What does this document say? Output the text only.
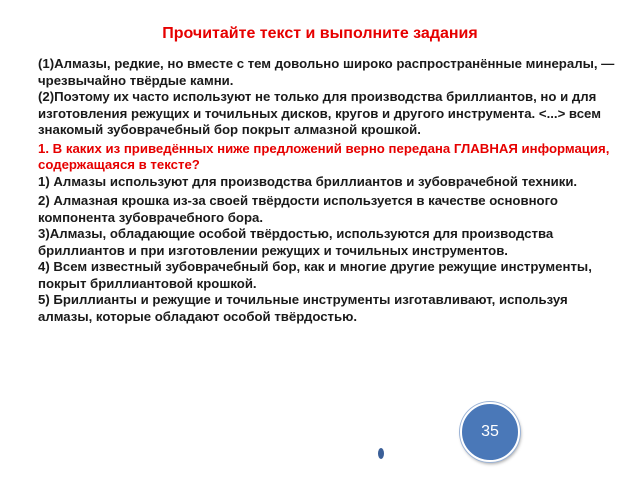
Прочитайте текст и выполните задания

(1)Алмазы, редкие, но вместе с тем довольно широко распространённые минералы, — чрезвычайно твёрдые камни.

(2)Поэтому их часто используют не только для производства бриллиантов, но и для изготовления режущих и точильных дисков, кругов и другого инструмента. <...> всем знакомый зубоврачебный бор покрыт алмазной крошкой.

1. В каких из приведённых ниже предложений верно передана ГЛАВНАЯ информация, содержащаяся в тексте?

1) Алмазы используют для производства бриллиантов и зубоврачебной техники.

2) Алмазная крошка из-за своей твёрдости используется в качестве основного компонента зубоврачебного бора.

3)Алмазы, обладающие особой твёрдостью, используются для производства бриллиантов и при изготовлении режущих и точильных инструментов.

4) Всем известный зубоврачебный бор, как и многие другие режущие инструменты, покрыт бриллиантовой крошкой.

5) Бриллианты и режущие и точильные инструменты изготавливают, используя алмазы, которые обладают особой твёрдостью.

35
